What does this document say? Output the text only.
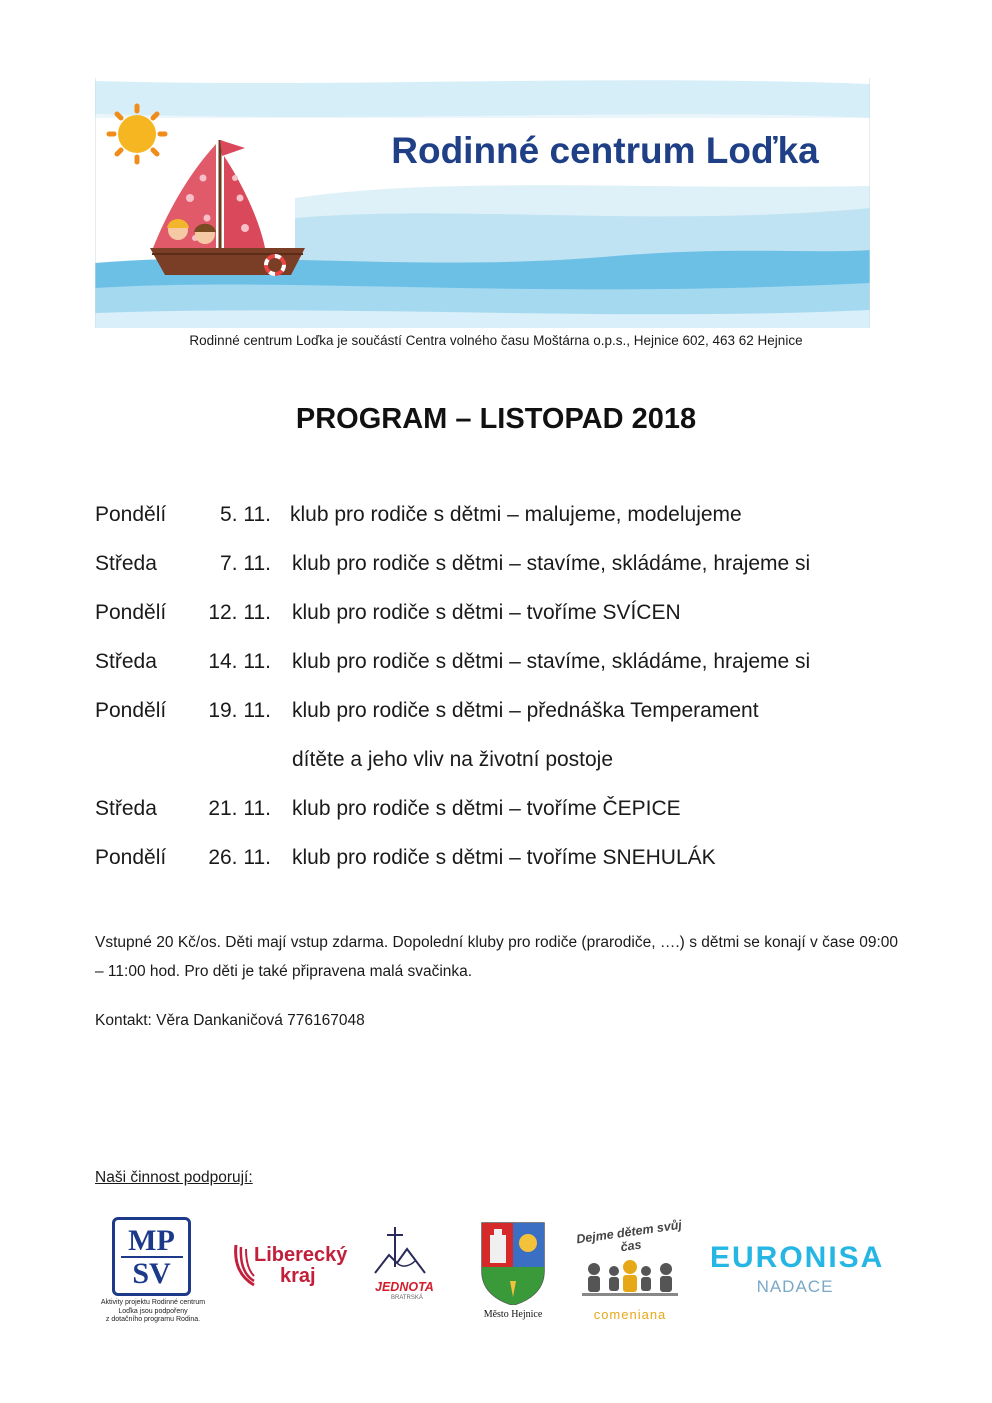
Rodinné centrum Loďka
Rodinné centrum Loďka je součástí Centra volného času Moštárna o.p.s., Hejnice 602, 463 62 Hejnice
PROGRAM – LISTOPAD 2018
Pondělí	5. 11. klub pro rodiče s dětmi – malujeme, modelujeme
Středa	7. 11. klub pro rodiče s dětmi – stavíme, skládáme, hrajeme si
Pondělí	12. 11. klub pro rodiče s dětmi – tvoříme SVÍCEN
Středa	14. 11. klub pro rodiče s dětmi – stavíme, skládáme, hrajeme si
Pondělí	19. 11. klub pro rodiče s dětmi – přednáška Temperament
dítěte a jeho vliv na životní postoje
Středa	21. 11. klub pro rodiče s dětmi – tvoříme ČEPICE
Pondělí	26. 11. klub pro rodiče s dětmi – tvoříme SNEHULÁK
Vstupné 20 Kč/os. Děti mají vstup zdarma. Dopolední kluby pro rodiče (prarodiče, ….) s dětmi se konají v čase 09:00 – 11:00 hod. Pro děti je také připravena malá svačinka.
Kontakt: Věra Dankaničová 776167048
Naši činnost podporují:
MP
SV
Aktivity projektu Rodinné centrum
Loďka jsou podpořeny
z dotačního programu Rodina.
Liberecký
kraj	JEDNOTA
BRATRSKÁ
Město Hejnice
Dejme dětem svůj čas
comeniana
EURONISA
NADACE
